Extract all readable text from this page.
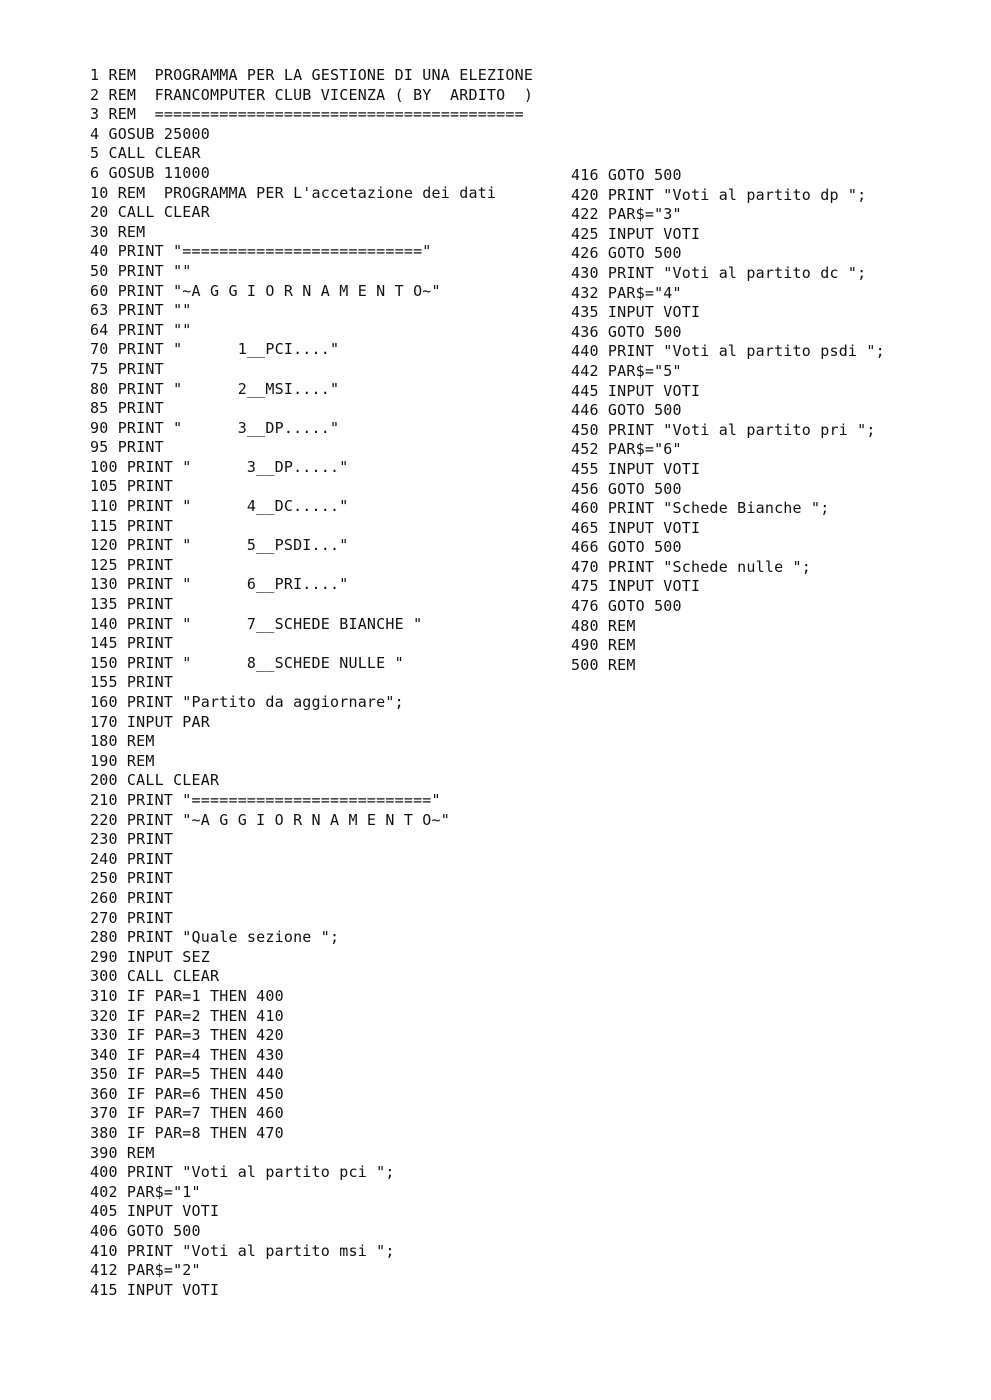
1 REM  PROGRAMMA PER LA GESTIONE DI UNA ELEZIONE
2 REM  FRANCOMPUTER CLUB VICENZA ( BY  ARDITO  )
3 REM  ========================================
4 GOSUB 25000
5 CALL CLEAR
6 GOSUB 11000
10 REM  PROGRAMMA PER L'accetazione dei dati
20 CALL CLEAR
30 REM
40 PRINT "=========================="
50 PRINT ""
60 PRINT "~A G G I O R N A M E N T O~"
63 PRINT ""
64 PRINT ""
70 PRINT "      1__PCI...."
75 PRINT
80 PRINT "      2__MSI...."
85 PRINT
90 PRINT "      3__DP....."
95 PRINT
100 PRINT "      3__DP....."
105 PRINT
110 PRINT "      4__DC....."
115 PRINT
120 PRINT "      5__PSDI..."
125 PRINT
130 PRINT "      6__PRI...."
135 PRINT
140 PRINT "      7__SCHEDE BIANCHE "
145 PRINT
150 PRINT "      8__SCHEDE NULLE "
155 PRINT
160 PRINT "Partito da aggiornare";
170 INPUT PAR
180 REM
190 REM
200 CALL CLEAR
210 PRINT "=========================="
220 PRINT "~A G G I O R N A M E N T O~"
230 PRINT
240 PRINT
250 PRINT
260 PRINT
270 PRINT
280 PRINT "Quale sezione ";
290 INPUT SEZ
300 CALL CLEAR
310 IF PAR=1 THEN 400
320 IF PAR=2 THEN 410
330 IF PAR=3 THEN 420
340 IF PAR=4 THEN 430
350 IF PAR=5 THEN 440
360 IF PAR=6 THEN 450
370 IF PAR=7 THEN 460
380 IF PAR=8 THEN 470
390 REM
400 PRINT "Voti al partito pci ";
402 PAR$="1"
405 INPUT VOTI
406 GOTO 500
410 PRINT "Voti al partito msi ";
412 PAR$="2"
415 INPUT VOTI
416 GOTO 500
420 PRINT "Voti al partito dp ";
422 PAR$="3"
425 INPUT VOTI
426 GOTO 500
430 PRINT "Voti al partito dc ";
432 PAR$="4"
435 INPUT VOTI
436 GOTO 500
440 PRINT "Voti al partito psdi ";
442 PAR$="5"
445 INPUT VOTI
446 GOTO 500
450 PRINT "Voti al partito pri ";
452 PAR$="6"
455 INPUT VOTI
456 GOTO 500
460 PRINT "Schede Bianche ";
465 INPUT VOTI
466 GOTO 500
470 PRINT "Schede nulle ";
475 INPUT VOTI
476 GOTO 500
480 REM
490 REM
500 REM
